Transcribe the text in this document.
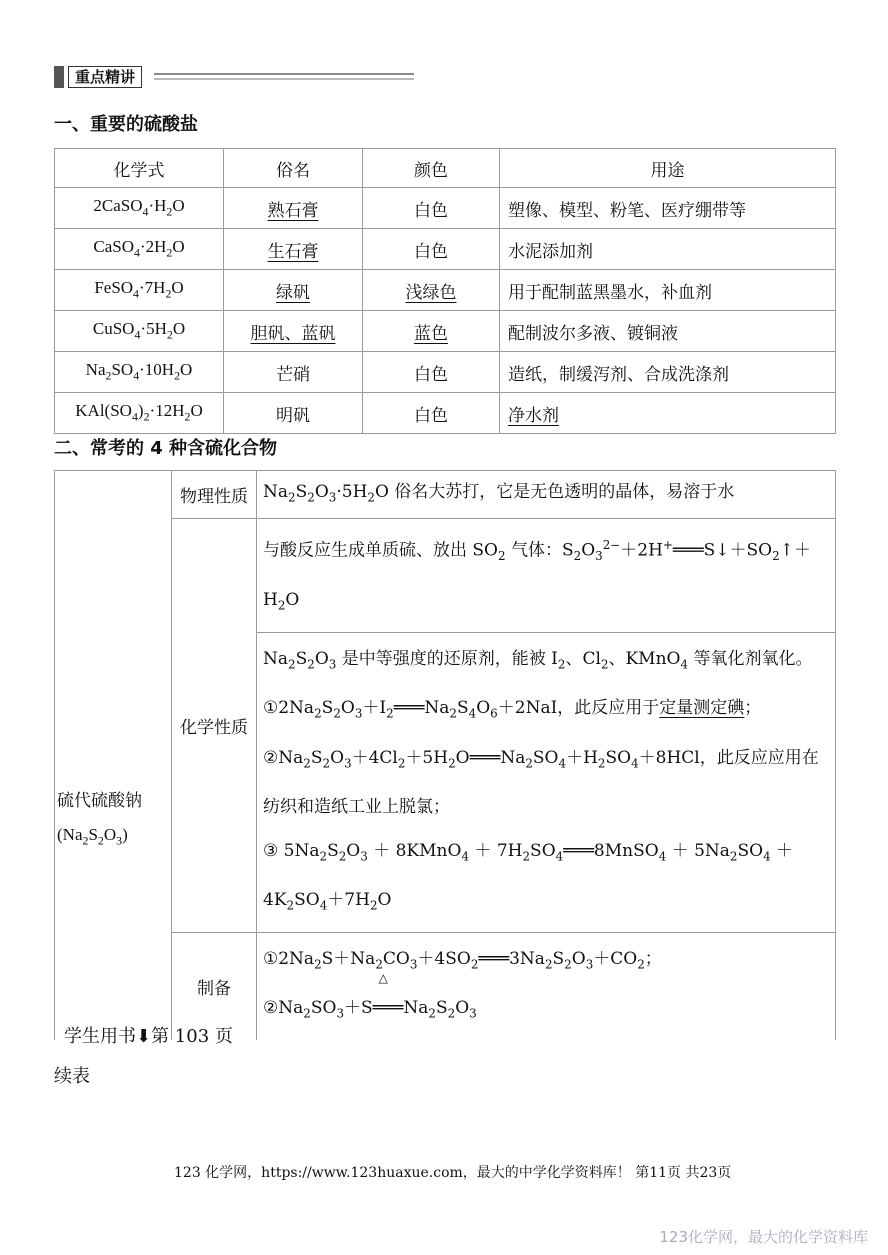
重点精讲
一、重要的硫酸盐
化学式	俗名	颜色	用途
$2CaSO_4\cdot H_2O$	熟石膏	白色	塑像、模型、粉笔、医疗绷带等
$CaSO_4\cdot 2H_2O$	生石膏	白色	水泥添加剂
$FeSO_4\cdot 7H_2O$	绿矾	浅绿色	用于配制蓝黑墨水，补血剂
$CuSO_4\cdot 5H_2O$	胆矾、蓝矾	蓝色	配制波尔多液、镀铜液
$Na_2SO_4\cdot 10H_2O$	芒硝	白色	造纸，制缓泻剂、合成洗涤剂
$KAl(SO_4)_2\cdot 12H_2O$	明矾	白色	净水剂
二、常考的 4 种含硫化合物
硫代硫酸钠
$(Na_2S_2O_3)$	物理性质	$Na_2S_2O_3\cdot 5H_2O$ 俗名大苏打，它是无色透明的晶体，易溶于水
	化学性质	与酸反应生成单质硫、放出 $SO_2$ 气体：$S_2O_3^{2-}+2H^+═══S↓+SO_2↑+H_2O$
		$Na_2S_2O_3$ 是中等强度的还原剂，能被 $I_2$、$Cl_2$、KMnO$_4$ 等氧化剂氧化。
$①2Na_2S_2O_3+I_2═══Na_2S_4O_6+2NaI$，此反应用于定量测定碘；
$②Na_2S_2O_3+4Cl_2+5H_2O═══Na_2SO_4+H_2SO_4+8HCl$，此反应应用在纺织和造纸工业上脱氯；
③ $5Na_2S_2O_3$ ＋ 8KMnO$_4$ ＋ $7H_2SO_4═══8MnSO_4 + 5Na_2SO_4 + 4K_2SO_4+7H_2O$
	制备	$①2Na_2S+Na_2CO_3+4SO_2═══3Na_2S_2O_3+CO_2$；
$②Na_2SO_3+S$
△
$═══Na_2S_2O_3$
学生用书⬇第 103 页
续表
123 化学网，https://www.123huaxue.com，最大的中学化学资料库！ 第11页 共23页
123化学网，最大的化学资料库
